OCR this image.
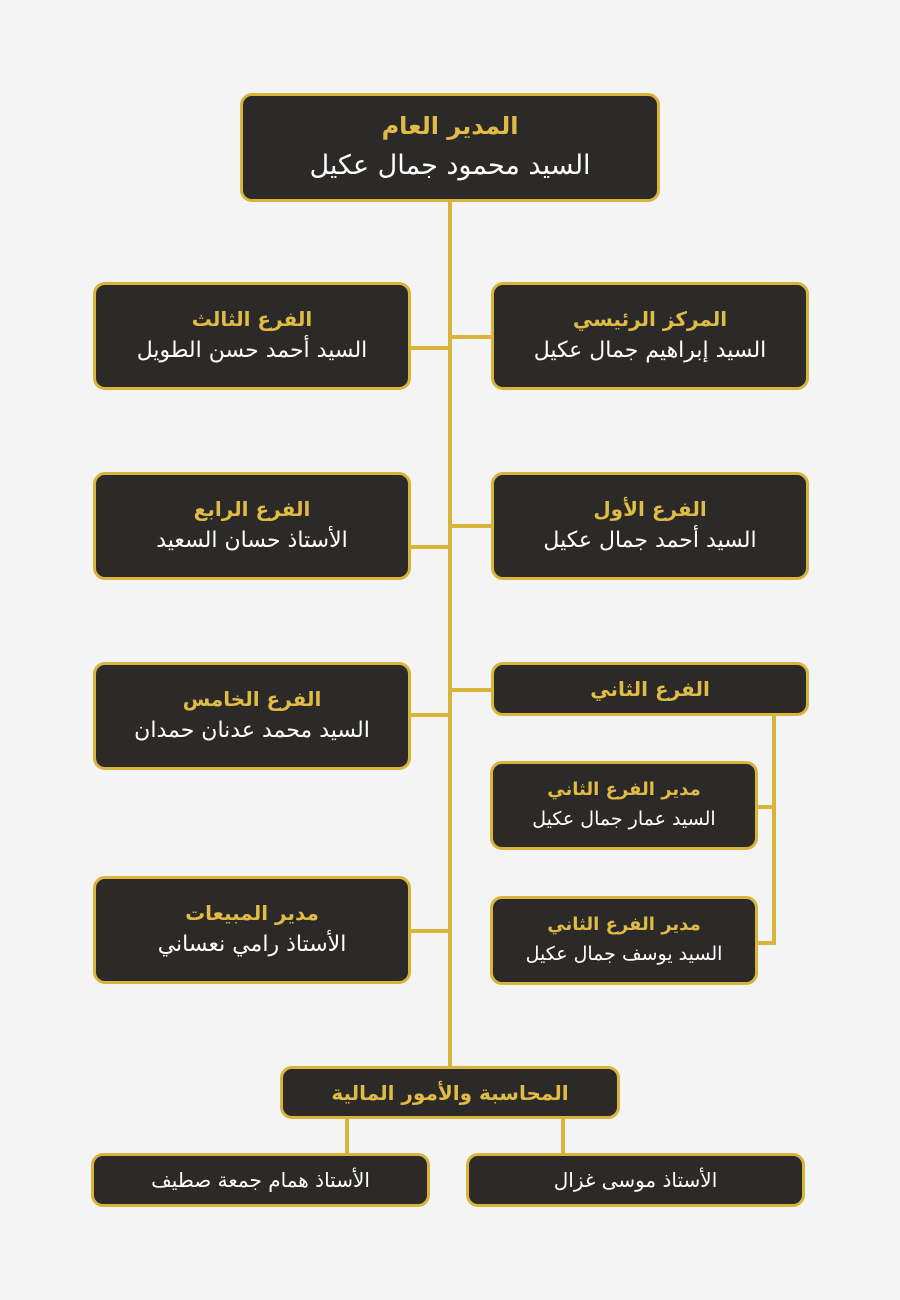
المدير العام
السيد محمود جمال عكيل
المركز الرئيسي
السيد إبراهيم جمال عكيل
الفرع الثالث
السيد أحمد حسن الطويل
الفرع الأول
السيد أحمد جمال عكيل
الفرع الرابع
الأستاذ حسان السعيد
الفرع الثاني
الفرع الخامس
السيد محمد عدنان حمدان
مدير الفرع الثاني
السيد عمار جمال عكيل
مدير الفرع الثاني
السيد يوسف جمال عكيل
مدير المبيعات
الأستاذ رامي نعساني
المحاسبة والأمور المالية
الأستاذ همام جمعة صطيف	الأستاذ موسى غزال
